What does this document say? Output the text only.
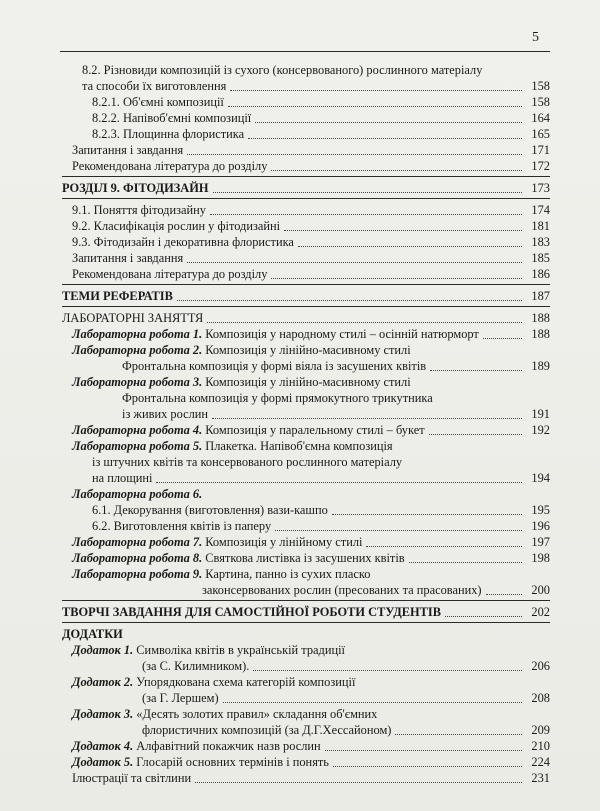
5
8.2. Різновиди композицій із сухого (консервованого) рослинного матеріалу
та способи їх виготовлення	158
8.2.1. Об'ємні композиції	158
8.2.2. Напівоб'ємні композиції	164
8.2.3. Площинна флористика	165
Запитання і завдання	171
Рекомендована література до розділу	172
РОЗДІЛ 9. ФІТОДИЗАЙН	173
9.1. Поняття фітодизайну	174
9.2. Класифікація рослин у фітодизайні	181
9.3. Фітодизайн і декоративна флористика	183
Запитання і завдання	185
Рекомендована література до розділу	186
ТЕМИ РЕФЕРАТІВ	187
ЛАБОРАТОРНІ ЗАНЯТТЯ	188
Лабораторна робота 1. Композиція у народному стилі – осінній натюрморт	188
Лабораторна робота 2. Композиція у лінійно-масивному стилі
Фронтальна композиція у формі віяла із засушених квітів	189
Лабораторна робота 3. Композиція у лінійно-масивному стилі
Фронтальна композиція у формі прямокутного трикутника
із живих рослин	191
Лабораторна робота 4. Композиція у паралельному стилі – букет	192
Лабораторна робота 5. Плакетка. Напівоб'ємна композиція
із штучних квітів та консервованого рослинного матеріалу
на площині	194
Лабораторна робота 6.
6.1. Декорування (виготовлення) вази-кашпо	195
6.2. Виготовлення квітів із паперу	196
Лабораторна робота 7. Композиція у лінійному стилі	197
Лабораторна робота 8. Святкова листівка із засушених квітів	198
Лабораторна робота 9. Картина, панно із сухих пласко
законсервованих рослин (пресованих та прасованих)	200
ТВОРЧІ ЗАВДАННЯ ДЛЯ САМОСТІЙНОЇ РОБОТИ СТУДЕНТІВ	202
ДОДАТКИ
Додаток 1. Символіка квітів в українській традиції
(за С. Килимником).	206
Додаток 2. Упорядкована схема категорій композиції
(за Г. Лершем)	208
Додаток 3. «Десять золотих правил» складання об'ємних
флористичних композицій (за Д.Г.Хессайоном)	209
Додаток 4. Алфавітний покажчик назв рослин	210
Додаток 5. Глосарій основних термінів і понять	224
Ілюстрації та світлини	231
